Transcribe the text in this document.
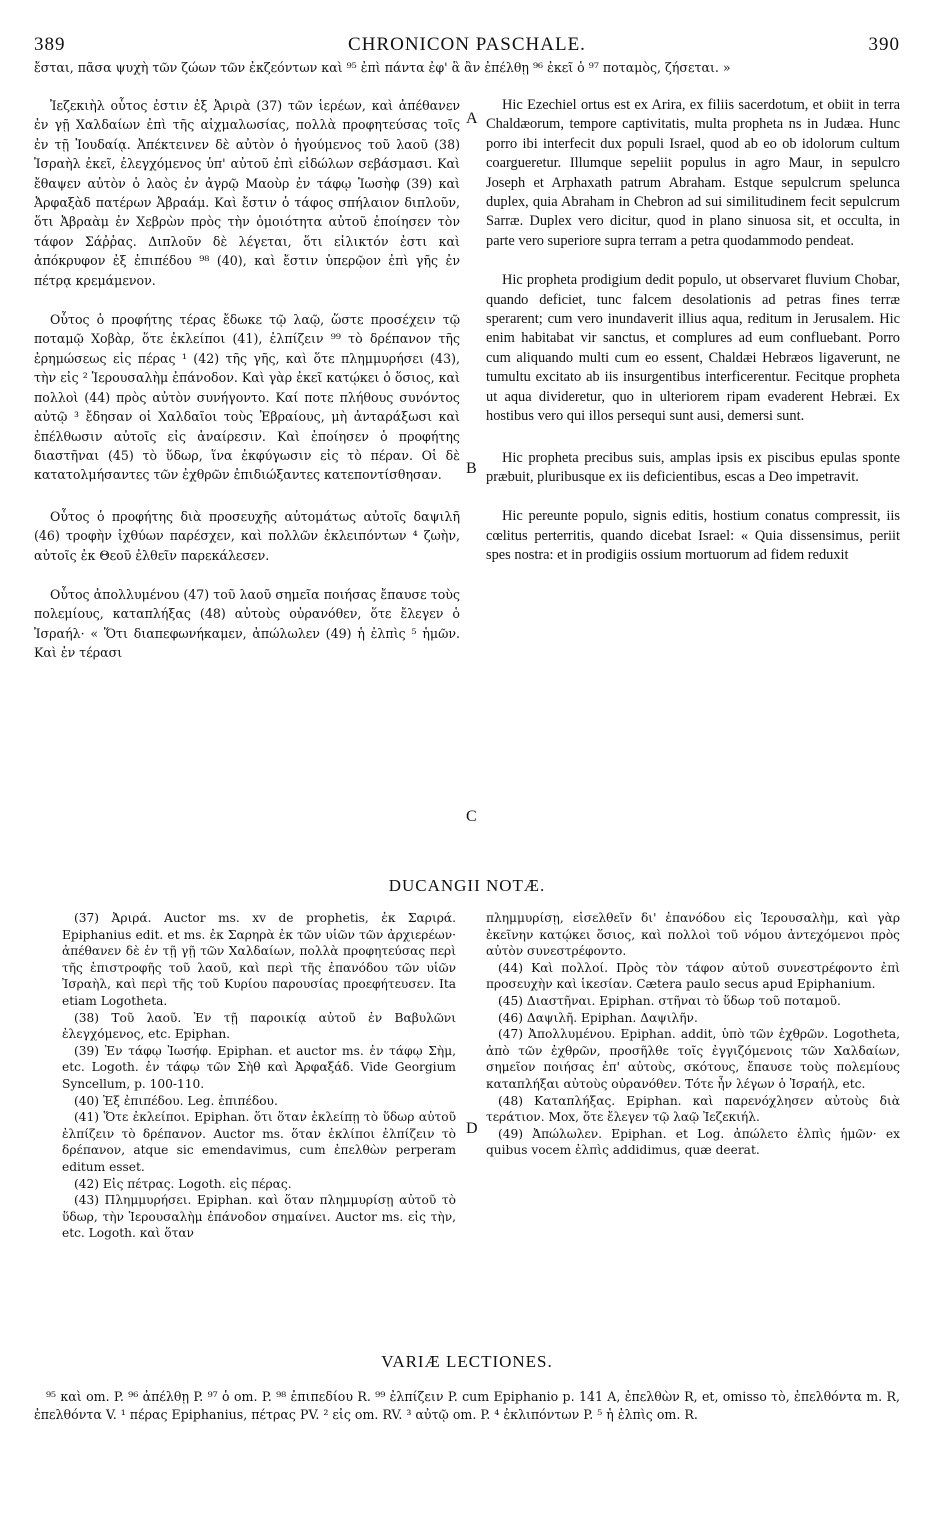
389	CHRONICON PASCHALE.	390
ἔσται, πᾶσα ψυχὴ τῶν ζώων τῶν ἐκζεόντων καὶ ⁹⁵ ἐπὶ πάντα ἐφ' ἃ ἂν ἐπέλθῃ ⁹⁶ ἐκεῖ ὁ ⁹⁷ ποταμὸς, ζήσεται. »

Ἰεζεκιὴλ οὗτος ἐστιν ἐξ Ἀριρὰ (37) τῶν ἱερέων, καὶ ἀπέθανεν ἐν γῇ Χαλδαίων ἐπὶ τῆς αἰχμαλωσίας, πολλὰ προφητεύσας τοῖς ἐν τῇ Ἰουδαίᾳ. Ἀπέκτεινεν δὲ αὐτὸν ὁ ἡγούμενος τοῦ λαοῦ (38) Ἰσραὴλ ἐκεῖ, ἐλεγχόμενος ὑπ' αὐτοῦ ἐπὶ εἰδώλων σεβάσμασι. Καὶ ἔθαψεν αὐτὸν ὁ λαὸς ἐν ἀγρῷ Μαοὺρ ἐν τάφῳ Ἰωσὴφ (39) καὶ Ἀρφαξὰδ πατέρων Ἀβραάμ. Καὶ ἔστιν ὁ τάφος σπήλαιον διπλοῦν, ὅτι Ἀβραὰμ ἐν Χεβρὼν πρὸς τὴν ὁμοιότητα αὐτοῦ ἐποίησεν τὸν τάφον Σάῤῥας. Διπλοῦν δὲ λέγεται, ὅτι εἰλικτόν ἐστι καὶ ἀπόκρυφον ἐξ ἐπιπέδου ⁹⁸ (40), καὶ ἔστιν ὑπερῷον ἐπὶ γῆς ἐν πέτρᾳ κρεμάμενον.

Οὗτος ὁ προφήτης τέρας ἔδωκε τῷ λαῷ, ὥστε προσέχειν τῷ ποταμῷ Χοβὰρ, ὅτε ἐκλείποι (41), ἐλπίζειν ⁹⁹ τὸ δρέπανον τῆς ἐρημώσεως εἰς πέρας ¹ (42) τῆς γῆς, καὶ ὅτε πλημμυρήσει (43), τὴν εἰς ² Ἱερουσαλὴμ ἐπάνοδον. Καὶ γὰρ ἐκεῖ κατῴκει ὁ ὅσιος, καὶ πολλοὶ (44) πρὸς αὐτὸν συνήγοντο. Καί ποτε πλήθους συνόντος αὐτῷ ³ ἔδησαν οἱ Χαλδαῖοι τοὺς Ἑβραίους, μὴ ἀνταράξωσι καὶ ἐπέλθωσιν αὐτοῖς εἰς ἀναίρεσιν. Καὶ ἐποίησεν ὁ προφήτης διαστῆναι (45) τὸ ὕδωρ, ἵνα ἐκφύγωσιν εἰς τὸ πέραν. Οἱ δὲ κατατολμήσαντες τῶν ἐχθρῶν ἐπιδιώξαντες κατεποντίσθησαν.

Οὗτος ὁ προφήτης διὰ προσευχῆς αὐτομάτως αὐτοῖς δαψιλῆ (46) τροφὴν ἰχθύων παρέσχεν, καὶ πολλῶν ἐκλειπόντων ⁴ ζωὴν, αὐτοῖς ἐκ Θεοῦ ἐλθεῖν παρεκάλεσεν.

Οὗτος ἀπολλυμένου (47) τοῦ λαοῦ σημεῖα ποιήσας ἔπαυσε τοὺς πολεμίους, καταπλήξας (48) αὐτοὺς οὐρανόθεν, ὅτε ἔλεγεν ὁ Ἰσραήλ· « Ὅτι διαπεφωνήκαμεν, ἀπώλωλεν (49) ἡ ἐλπὶς ⁵ ἡμῶν. Καὶ ἐν τέρασι

A
B
C
D

Hic Ezechiel ortus est ex Arira, ex filiis sacerdotum, et obiit in terra Chaldæorum, tempore captivitatis, multa propheta ns in Judæa. Hunc porro ibi interfecit dux populi Israel, quod ab eo ob idolorum cultum coargueretur. Illumque sepeliit populus in agro Maur, in sepulcro Joseph et Arphaxath patrum Abraham. Estque sepulcrum spelunca duplex, quia Abraham in Chebron ad sui similitudinem fecit sepulcrum Sarræ. Duplex vero dicitur, quod in plano sinuosa sit, et occulta, in parte vero superiore supra terram a petra quodammodo pendeat.

Hic propheta prodigium dedit populo, ut observaret fluvium Chobar, quando deficiet, tunc falcem desolationis ad petras fines terræ sperarent; cum vero inundaverit illius aqua, reditum in Jerusalem. Hic enim habitabat vir sanctus, et complures ad eum confluebant. Porro cum aliquando multi cum eo essent, Chaldæi Hebræos ligaverunt, ne tumultu excitato ab iis insurgentibus interficerentur. Fecitque propheta ut aqua divideretur, quo in ulteriorem ripam evaderent Hebræi. Ex hostibus vero qui illos persequi sunt ausi, demersi sunt.

Hic propheta precibus suis, amplas ipsis ex piscibus epulas sponte præbuit, pluribusque ex iis deficientibus, escas a Deo impetravit.

Hic pereunte populo, signis editis, hostium conatus compressit, iis cœlitus perterritis, quando dicebat Israel: « Quia dissensimus, periit spes nostra: et in prodigiis ossium mortuorum ad fidem reduxit

DUCANGII NOTÆ.

(37) Ἀριρά. Auctor ms. xv de prophetis, ἐκ Σαριρά. Epiphanius edit. et ms. ἐκ Σαρηρὰ ἐκ τῶν υἱῶν τῶν ἀρχιερέων· ἀπέθανεν δὲ ἐν τῇ γῇ τῶν Χαλδαίων, πολλὰ προφητεύσας περὶ τῆς ἐπιστροφῆς τοῦ λαοῦ, καὶ περὶ τῆς ἐπανόδου τῶν υἱῶν Ἰσραὴλ, καὶ περὶ τῆς τοῦ Κυρίου παρουσίας προεφήτευσεν. Ita etiam Logotheta.

(38) Τοῦ λαοῦ. Ἐν τῇ παροικίᾳ αὐτοῦ ἐν Βαβυλῶνι ἐλεγχόμενος, etc. Epiphan.

(39) Ἐν τάφῳ Ἰωσήφ. Epiphan. et auctor ms. ἐν τάφῳ Σὴμ, etc. Logoth. ἐν τάφῳ τῶν Σὴθ καὶ Ἀρφαξάδ. Vide Georgium Syncellum, p. 100-110.

(40) Ἐξ ἐπιπέδου. Leg. ἐπιπέδου.

(41) Ὅτε ἐκλείποι. Epiphan. ὅτι ὅταν ἐκλείπῃ τὸ ὕδωρ αὐτοῦ ἐλπίζειν τὸ δρέπανον. Auctor ms. ὅταν ἐκλίποι ἐλπίζειν τὸ δρέπανον, atque sic emendavimus, cum ἐπελθὼν perperam editum esset.

(42) Εἰς πέτρας. Logoth. εἰς πέρας.

(43) Πλημμυρήσει. Epiphan. καὶ ὅταν πλημμυρίσῃ αὐτοῦ τὸ ὕδωρ, τὴν Ἱερουσαλὴμ ἐπάνοδον σημαίνει. Auctor ms. εἰς τὴν, etc. Logoth. καὶ ὅταν

πλημμυρίσῃ, εἰσελθεῖν δι' ἐπανόδου εἰς Ἱερουσαλὴμ, καὶ γὰρ ἐκεῖνην κατῴκει ὅσιος, καὶ πολλοὶ τοῦ νόμου ἀντεχόμενοι πρὸς αὐτὸν συνεστρέφοντο.

(44) Καὶ πολλοί. Πρὸς τὸν τάφον αὐτοῦ συνεστρέφοντο ἐπὶ προσευχὴν καὶ ἱκεσίαν. Cætera paulo secus apud Epiphanium.

(45) Διαστῆναι. Epiphan. στῆναι τὸ ὕδωρ τοῦ ποταμοῦ.

(46) Δαψιλῆ. Epiphan. Δαψιλῆν.

(47) Ἀπολλυμένου. Epiphan. addit, ὑπὸ τῶν ἐχθρῶν. Logotheta, ἀπὸ τῶν ἐχθρῶν, προσῆλθε τοῖς ἐγγιζόμενοις τῶν Χαλδαίων, σημεῖον ποιήσας ἐπ' αὐτοὺς, σκότους, ἔπαυσε τοὺς πολεμίους καταπλήξαι αὐτοὺς οὐρανόθεν. Τότε ἦν λέγων ὁ Ἰσραήλ, etc.

(48) Καταπλήξας. Epiphan. καὶ παρενόχλησεν αὐτοὺς διὰ τεράτιον. Mox, ὅτε ἔλεγεν τῷ λαῷ Ἰεζεκιήλ.

(49) Ἀπώλωλεν. Epiphan. et Log. ἀπώλετο ἐλπὶς ἡμῶν· ex quibus vocem ἐλπὶς addidimus, quæ deerat.

VARIÆ LECTIONES.

⁹⁵ καὶ om. P. ⁹⁶ ἀπέλθῃ P. ⁹⁷ ὁ om. P. ⁹⁸ ἐπιπεδίου R. ⁹⁹ ἐλπίζειν P. cum Epiphanio p. 141 A, ἐπελθὼν R, et, omisso τὸ, ἐπελθόντα m. R, ἐπελθόντα V. ¹ πέρας Epiphanius, πέτρας PV. ² εἰς om. RV. ³ αὐτῷ om. P. ⁴ ἐκλιπόντων P. ⁵ ἡ ἐλπὶς om. R.
